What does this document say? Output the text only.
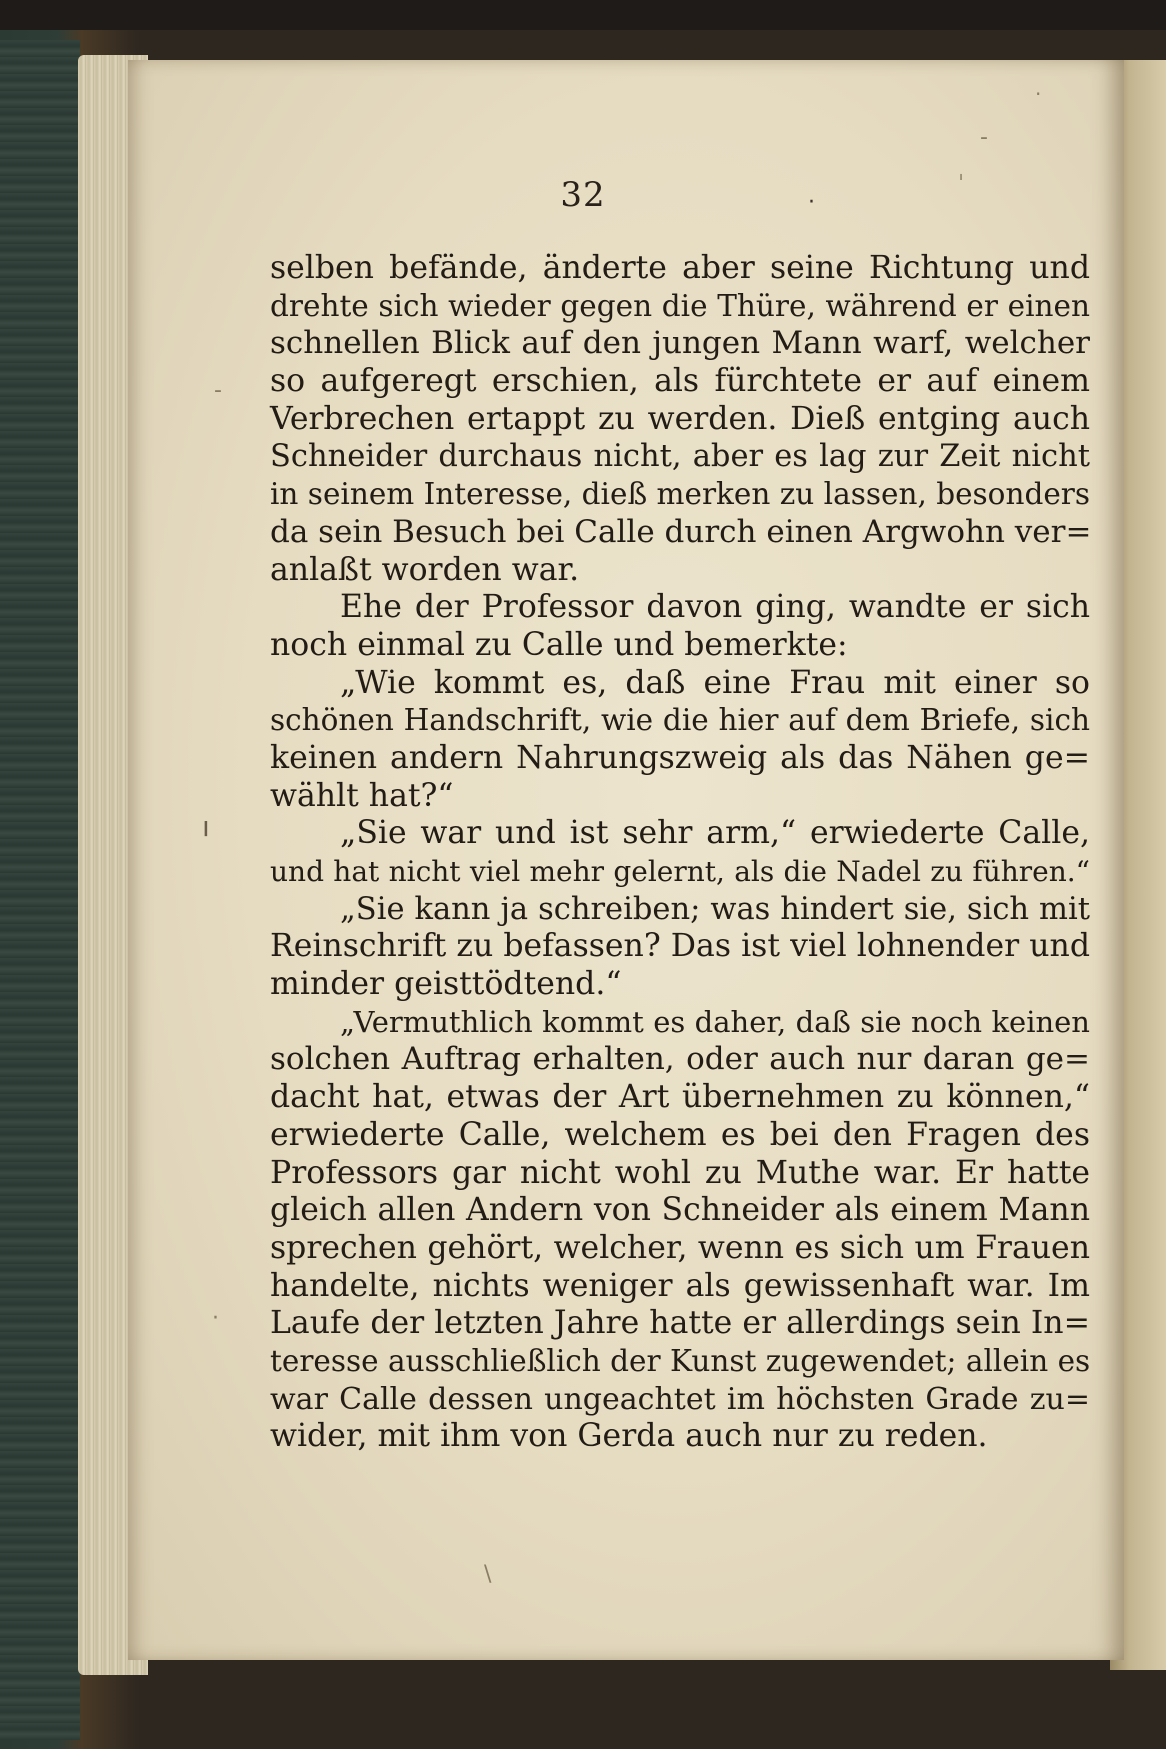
·
-
·
ˈ
-
ı
·
\
32
selben befände, änderte aber seine Richtung und
drehte sich wieder gegen die Thüre, während er einen
schnellen Blick auf den jungen Mann warf, welcher
so aufgeregt erschien, als fürchtete er auf einem
Verbrechen ertappt zu werden. Dieß entging auch
Schneider durchaus nicht, aber es lag zur Zeit nicht
in seinem Interesse, dieß merken zu lassen, besonders
da sein Besuch bei Calle durch einen Argwohn ver=
anlaßt worden war.
Ehe der Professor davon ging, wandte er sich
noch einmal zu Calle und bemerkte:
„Wie kommt es, daß eine Frau mit einer so
schönen Handschrift, wie die hier auf dem Briefe, sich
keinen andern Nahrungszweig als das Nähen ge=
wählt hat?“
„Sie war und ist sehr arm,“ erwiederte Calle,
und hat nicht viel mehr gelernt, als die Nadel zu führen.“
„Sie kann ja schreiben; was hindert sie, sich mit
Reinschrift zu befassen? Das ist viel lohnender und
minder geisttödtend.“
„Vermuthlich kommt es daher, daß sie noch keinen
solchen Auftrag erhalten, oder auch nur daran ge=
dacht hat, etwas der Art übernehmen zu können,“
erwiederte Calle, welchem es bei den Fragen des
Professors gar nicht wohl zu Muthe war. Er hatte
gleich allen Andern von Schneider als einem Mann
sprechen gehört, welcher, wenn es sich um Frauen
handelte, nichts weniger als gewissenhaft war. Im
Laufe der letzten Jahre hatte er allerdings sein In=
teresse ausschließlich der Kunst zugewendet; allein es
war Calle dessen ungeachtet im höchsten Grade zu=
wider, mit ihm von Gerda auch nur zu reden.
